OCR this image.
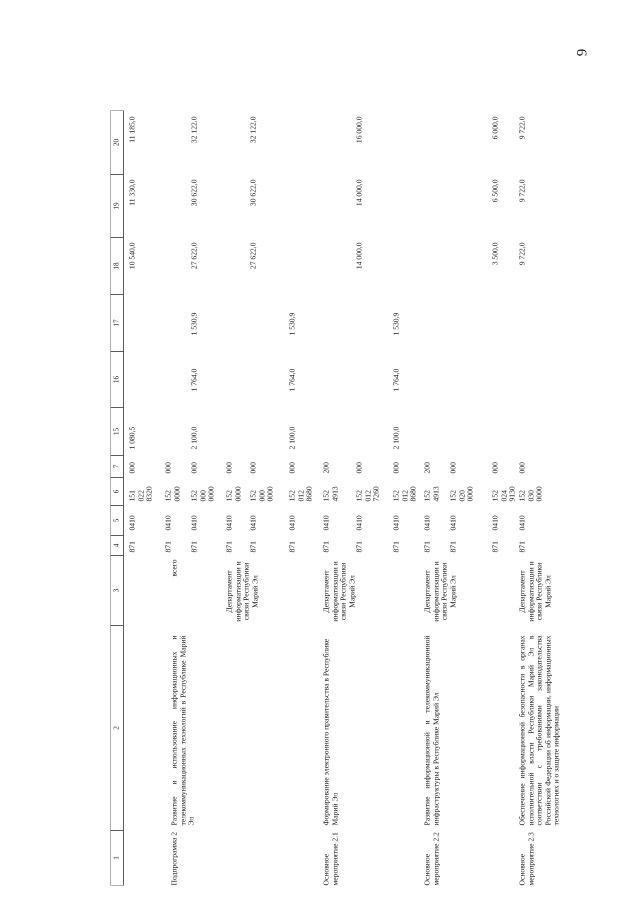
9
1
2
3
4
5
6
7
15
16
17
18
19
20
Подпрограмма 2
Развитие и использование информационных и телекоммуникационных технологий в Республике Марий Эл
всего
871
0410
151 022 8320
000
1 080,5
10 540,0
11 330,0
11 185,0
871
0410
152 0000
000
871
0410
152 000 0000
000
2 100,0
1 764,0
1 530,9
27 622,0
30 622,0
32 122,0
Департамент информатизации и связи Республики Марий Эл
871
0410
152 0000
000
871
0410
152 000 0000
000
27 622,0
30 622,0
32 122,0
871
0410
152 012 8680
000
2 100,0
1 764,0
1 530,9
Основное мероприятие 2.1
Формирование электронного правительства в Республике Марий Эл
Департамент информатизации и связи Республики Марий Эл
871
0410
152 4913
200
871
0410
152 012 7260
000
14 000,0
14 000,0
16 000,0
871
0410
152 012 8680
000
2 100,0
1 764,0
1 530,9
Основное мероприятие 2.2
Развитие информационной и телекоммуникационной инфраструктуры в Республике Марий Эл
Департамент информатизации и связи Республики Марий Эл
871
0410
152 4913
200
871
0410
152 020 0000
000
871
0410
152 024 9130
000
3 500,0
6 500,0
6 000,0
Основное мероприятие 2.3
Обеспечение информационной безопасности в органах исполнительной власти Республики Марий Эл в соответствии с требованиями законодательства Российской Федерации об информации, информационных технологиях и о защите информации
Департамент информатизации и связи Республики Марий Эл
871
0410
152 030 0000
000
9 722,0
9 722,0
9 722,0
